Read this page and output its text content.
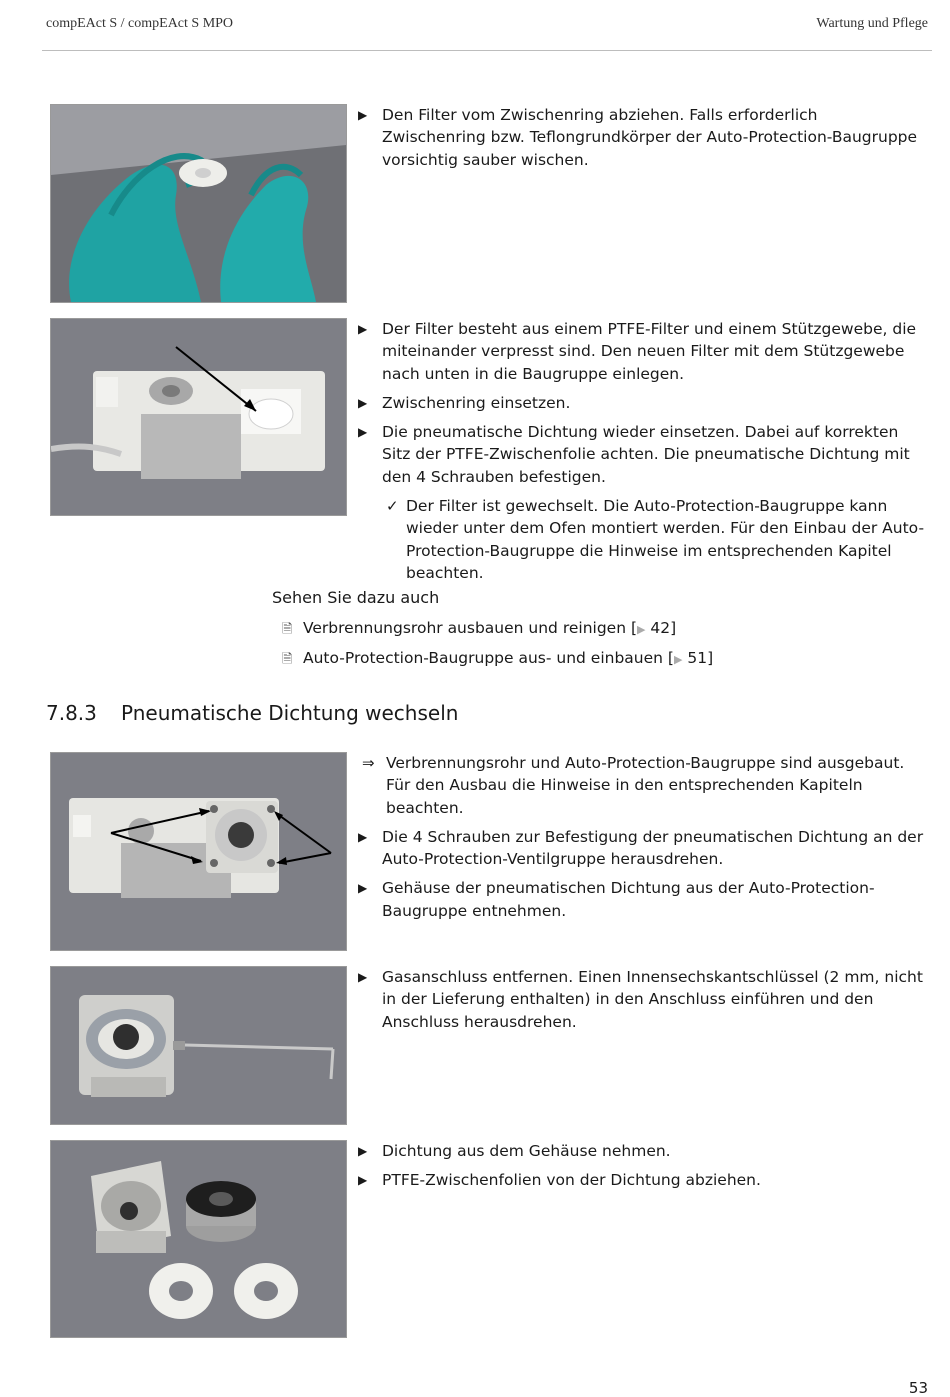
compEAct S / compEAct S MPO	Wartung und Pflege
▶ Den Filter vom Zwischenring abziehen. Falls erforderlich Zwischenring bzw. Teflongrundkörper der Auto-Protection-Baugruppe vorsichtig sauber wischen.
▶ Der Filter besteht aus einem PTFE-Filter und einem Stützgewebe, die miteinander verpresst sind. Den neuen Filter mit dem Stützgewebe nach unten in die Baugruppe einlegen.
▶ Zwischenring einsetzen.
▶ Die pneumatische Dichtung wieder einsetzen. Dabei auf korrekten Sitz der PTFE-Zwischenfolie achten. Die pneumatische Dichtung mit den 4 Schrauben befestigen.
✓ Der Filter ist gewechselt. Die Auto-Protection-Baugruppe kann wieder unter dem Ofen montiert werden. Für den Einbau der Auto-Protection-Baugruppe die Hinweise im entsprechenden Kapitel beachten.
Sehen Sie dazu auch
🗎 Verbrennungsrohr ausbauen und reinigen [▶ 42]
🗎 Auto-Protection-Baugruppe aus- und einbauen [▶ 51]
7.8.3 Pneumatische Dichtung wechseln
⇒ Verbrennungsrohr und Auto-Protection-Baugruppe sind ausgebaut. Für den Ausbau die Hinweise in den entsprechenden Kapiteln beachten.
▶ Die 4 Schrauben zur Befestigung der pneumatischen Dichtung an der Auto-Protection-Ventilgruppe herausdrehen.
▶ Gehäuse der pneumatischen Dichtung aus der Auto-Protection-Baugruppe entnehmen.
▶ Gasanschluss entfernen. Einen Innensechskantschlüssel (2 mm, nicht in der Lieferung enthalten) in den Anschluss einführen und den Anschluss herausdrehen.
▶ Dichtung aus dem Gehäuse nehmen.
▶ PTFE-Zwischenfolien von der Dichtung abziehen.
53
